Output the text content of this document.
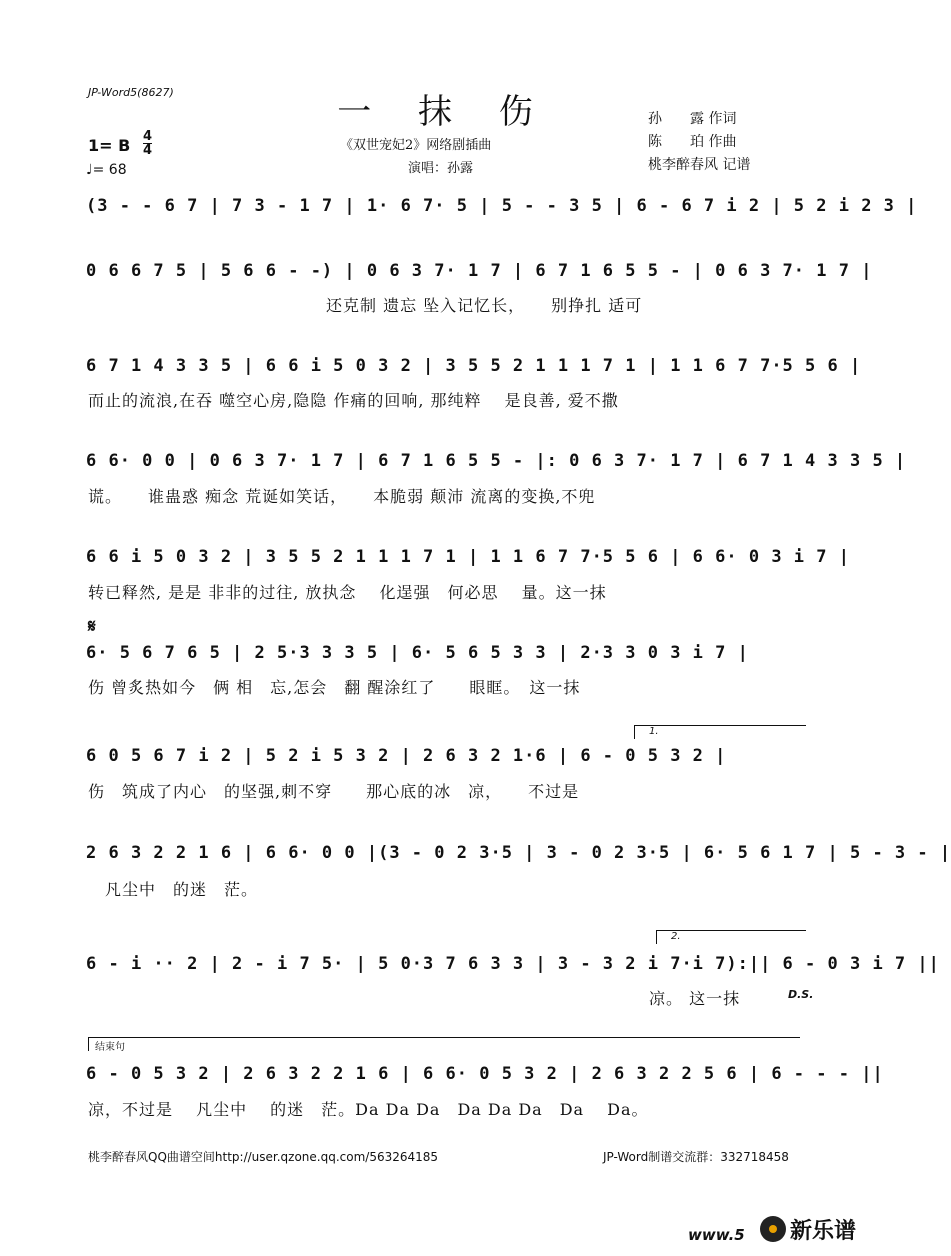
JP-Word5(8627)	一 抹 伤
《双世宠妃2》网络剧插曲
演唱：孙露
孙　　露 作词
陈　　珀 作曲
桃李醉春风 记谱
1= B 4
4
♩= 68
(3 - - 6 7 | 7 3 - 1 7 | 1· 6 7· 5 | 5 - - 3 5 | 6 - 6 7 i 2 | 5 2 i 2 3 |
0 6 6 7 5 | 5 6 6 - -) | 0 6 3 7· 1 7 | 6 7 1 6 5 5 - | 0 6 3 7· 1 7 |
　　　　　　　　　　　　　　还克制 遗忘 坠入记忆长，　　别挣扎 适可
6 7 1 4 3 3 5 | 6 6 i 5 0 3 2 | 3 5 5 2 1 1 1 7 1 | 1 1 6 7 7·5 5 6 |
而止的流浪,在吞 噬空心房,隐隐 作痛的回响, 那纯粹　 是良善, 爱不撒
6 6· 0 0 | 0 6 3 7· 1 7 | 6 7 1 6 5 5 - |: 0 6 3 7· 1 7 | 6 7 1 4 3 3 5 |
谎。　　谁蛊惑 痴念 荒诞如笑话，　　本脆弱 颠沛 流离的变换,不兜
6 6 i 5 0 3 2 | 3 5 5 2 1 1 1 7 1 | 1 1 6 7 7·5 5 6 | 6 6· 0 3 i 7 |
转已释然, 是是 非非的过往, 放执念　 化逞强　何必思　 量。这一抹
𝄋
6· 5 6 7 6 5 | 2 5·3 3 3 5 | 6· 5 6 5 3 3 | 2·3 3 0 3 i 7 |
伤 曾炙热如今　俩 相　忘,怎会　翻 醒涂红了　　眼眶。　这一抹
1.
6 0 5 6 7 i 2 | 5 2 i 5 3 2 | 2 6 3 2 1·6 | 6 - 0 5 3 2 |
伤　筑成了内心　的坚强,刺不穿　　那心底的冰　凉，　　不过是
2 6 3 2 2 1 6 | 6 6· 0 0 |(3 - 0 2 3·5 | 3 - 0 2 3·5 | 6· 5 6 1 7 | 5 - 3 - |
　凡尘中　的迷　茫。
2.
6 - i ·· 2 | 2 - i 7 5· | 5 0·3 7 6 3 3 | 3 - 3 2 i 7·i 7):|| 6 - 0 3 i 7 ||
　　　　　　　　　　　　　　　　　　　　　　　　　　　　　　　　　凉。 这一抹	D.S.
结束句
6 - 0 5 3 2 | 2 6 3 2 2 1 6 | 6 6· 0 5 3 2 | 2 6 3 2 2 5 6 | 6 - - - ||
凉，不过是　 凡尘中　 的迷　茫。Da Da Da　Da Da Da　Da　 Da。
桃李醉春风QQ曲谱空间http://user.qzone.qq.com/563264185	JP-Word制谱交流群：332718458
www.5 新乐谱
